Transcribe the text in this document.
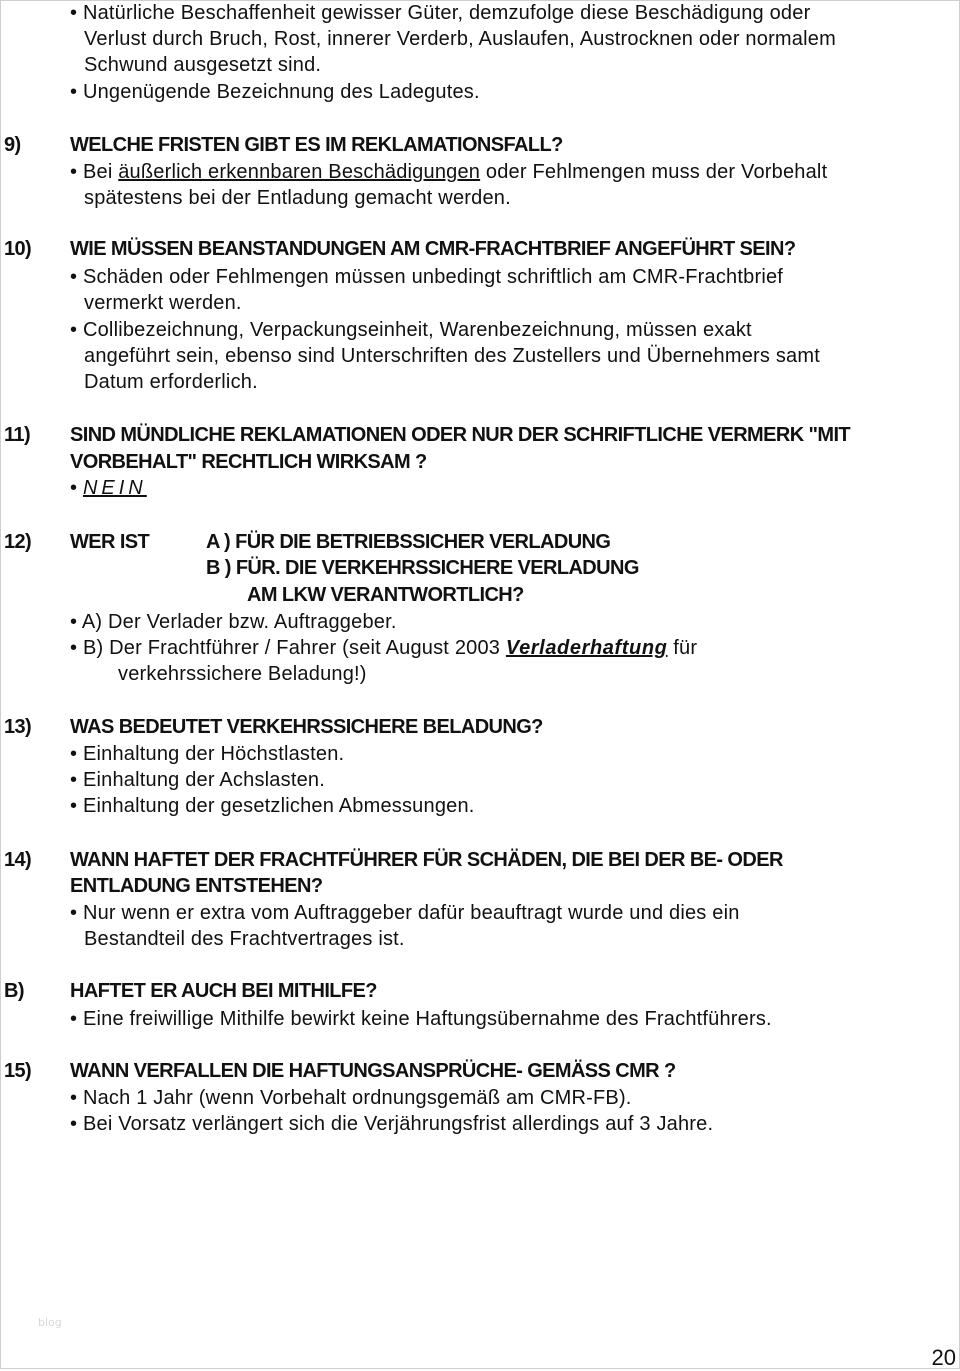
• Natürliche Beschaffenheit gewisser Güter, demzufolge diese Beschädigung oder
Verlust durch Bruch, Rost, innerer Verderb, Auslaufen, Austrocknen oder normalem
Schwund ausgesetzt sind.
• Ungenügende Bezeichnung des Ladegutes.
9) WELCHE FRISTEN GIBT ES IM REKLAMATIONSFALL?
• Bei äußerlich erkennbaren Beschädigungen oder Fehlmengen muss der Vorbehalt
spätestens bei der Entladung gemacht werden.
10) WIE MÜSSEN BEANSTANDUNGEN AM CMR-FRACHTBRIEF ANGEFÜHRT SEIN?
• Schäden oder Fehlmengen müssen unbedingt schriftlich am CMR-Frachtbrief
vermerkt werden.
• Collibezeichnung, Verpackungseinheit, Warenbezeichnung, müssen exakt
angeführt sein, ebenso sind Unterschriften des Zustellers und Übernehmers samt
Datum erforderlich.
11) SIND MÜNDLICHE REKLAMATIONEN ODER NUR DER SCHRIFTLICHE VERMERK "MIT
VORBEHALT" RECHTLICH WIRKSAM ?
• NEIN
12) WER IST	A ) FÜR DIE BETRIEBSSICHER VERLADUNG
B ) FÜR. DIE VERKEHRSSICHERE VERLADUNG
AM LKW VERANTWORTLICH?
• A) Der Verlader bzw. Auftraggeber.
• B) Der Frachtführer / Fahrer (seit August 2003 Verladerhaftung für
verkehrssichere Beladung!)
13) WAS BEDEUTET VERKEHRSSICHERE BELADUNG?
• Einhaltung der Höchstlasten.
• Einhaltung der Achslasten.
• Einhaltung der gesetzlichen Abmessungen.
14) WANN HAFTET DER FRACHTFÜHRER FÜR SCHÄDEN, DIE BEI DER BE- ODER
ENTLADUNG ENTSTEHEN?
• Nur wenn er extra vom Auftraggeber dafür beauftragt wurde und dies ein
Bestandteil des Frachtvertrages ist.
B) HAFTET ER AUCH BEI MITHILFE?
• Eine freiwillige Mithilfe bewirkt keine Haftungsübernahme des Frachtführers.
15) WANN VERFALLEN DIE HAFTUNGSANSPRÜCHE- GEMÄSS CMR ?
• Nach 1 Jahr (wenn Vorbehalt ordnungsgemäß am CMR-FB).
• Bei Vorsatz verlängert sich die Verjährungsfrist allerdings auf 3 Jahre.
blog
20
